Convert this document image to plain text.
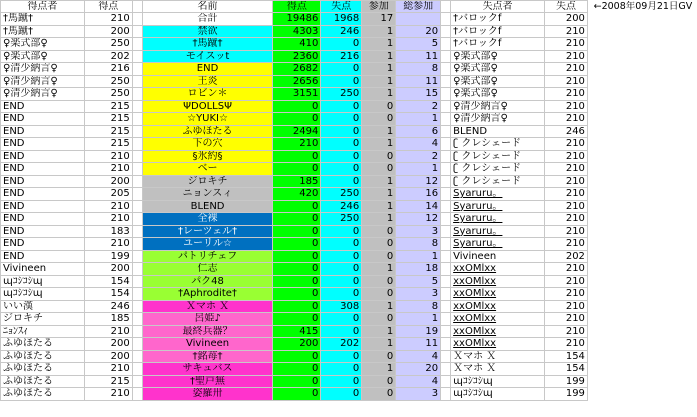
得点者	得点		名前	得点	失点	参加	総参加		失点者	失点	←2008年09月21日GV
†馬蹴†	210		合計	19486	1968	17			†バロックf	200	
†馬蹴†	200		禁欲	4303	246	1	20		†バロックf	210	
♀楽式部♀	250		†馬蹴†	410	0	1	5		†バロックf	210	
♀楽式部♀	202		モイスッt	2360	216	1	11		♀楽式部♀	210	
♀清少納言♀	216		END	2682	0	1	8		♀楽式部♀	210	
♀清少納言♀	250		王炎	2656	0	1	11		♀楽式部♀	210	
♀清少納言♀	250		ロビン＊	3151	250	1	15		♀楽式部♀	210	
END	215		ΨDOLLSΨ	0	0	0	2		♀清少納言♀	210	
END	215		☆YUKI☆	0	0	0	1		♀清少納言♀	210	
END	215		ふゆほたる	2494	0	1	6		BLEND	246	
END	215		下の穴	210	0	1	4		ʗ クレシェード	210	
END	210		§氷約§	0	0	0	2		ʗ クレシェード	210	
END	210		ベー	0	0	0	1		ʗ クレシェード	210	
END	200		ジロキチ	185	0	1	12		ʗ クレシェード	210	
END	205		ニョンスィ	420	250	1	16		Syaruru。	210	
END	210		BLEND	0	246	1	14		Syaruru。	210	
END	210		全裸	0	250	1	12		Syaruru。	210	
END	183		†レーツェル†	0	0	0	3		Syaruru。	210	
END	210		ユーリル☆	0	0	0	8		Syaruru。	210	
END	199		パトリチェフ	0	0	0	1		Vivineen	202	
Vivineen	200		仁志	0	0	1	18		xxOMlxx	210	
ɰｺｼｺｼɰ	154		パク48	0	0	0	5		xxOMlxx	210	
ɰｺｼｺｼɰ	154		†Aphrodite†	0	0	0	3		xxOMlxx	210	
いい漢	246		Ｘマホ Ｘ	0	308	1	8		xxOMlxx	210	
ジロキチ	185		呂姫♪	0	0	0	1		xxOMlxx	210	
ﾆｮﾝｽｨ	210		最終兵器？	415	0	1	19		xxOMlxx	210	
ふゆほたる	200		Vivineen	200	202	1	11		xxOMlxx	210	
ふゆほたる	200		†銘苺†	0	0	0	4		Ｘマホ Ｘ	154	
ふゆほたる	210		サキュバス	0	0	1	20		Ｘマホ Ｘ	154	
ふゆほたる	215		†聖戸無	0	0	0	4		ɰｺｼｺｼɰ	199	
ふゆほたる	210		姿羅卅	0	0	0	3		ɰｺｼｺｼɰ	199	
